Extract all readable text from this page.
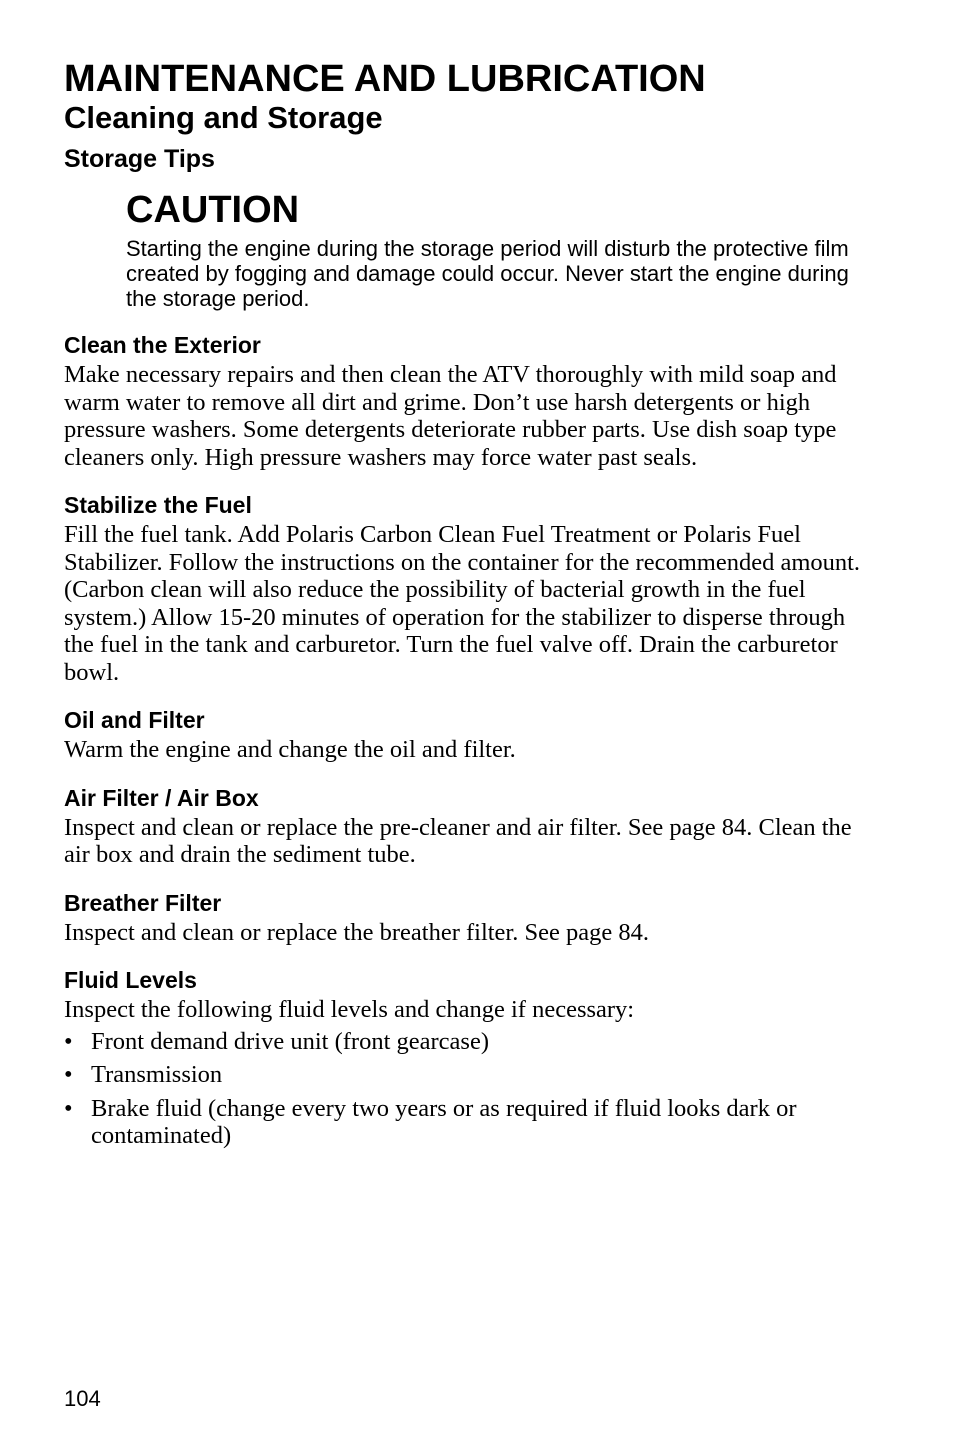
MAINTENANCE AND LUBRICATION
Cleaning and Storage
Storage Tips
CAUTION

Starting the engine during the storage period will disturb the protective film created by fogging and damage could occur. Never start the engine during the storage period.

Clean the Exterior

Make necessary repairs and then clean the ATV thoroughly with mild soap and warm water to remove all dirt and grime. Don’t use harsh detergents or high pressure washers. Some detergents deteriorate rubber parts. Use dish soap type cleaners only. High pressure washers may force water past seals.

Stabilize the Fuel

Fill the fuel tank. Add Polaris Carbon Clean Fuel Treatment or Polaris Fuel Stabilizer. Follow the instructions on the container for the recommended amount. (Carbon clean will also reduce the possibility of bacterial growth in the fuel system.) Allow 15-20 minutes of operation for the stabilizer to disperse through the fuel in the tank and carburetor. Turn the fuel valve off. Drain the carburetor bowl.

Oil and Filter

Warm the engine and change the oil and filter.

Air Filter / Air Box

Inspect and clean or replace the pre-cleaner and air filter. See page 84. Clean the air box and drain the sediment tube.

Breather Filter

Inspect and clean or replace the breather filter. See page 84.

Fluid Levels

Inspect the following fluid levels and change if necessary:

• Front demand drive unit (front gearcase)
• Transmission
• Brake fluid (change every two years or as required if fluid looks dark or contaminated)
104
